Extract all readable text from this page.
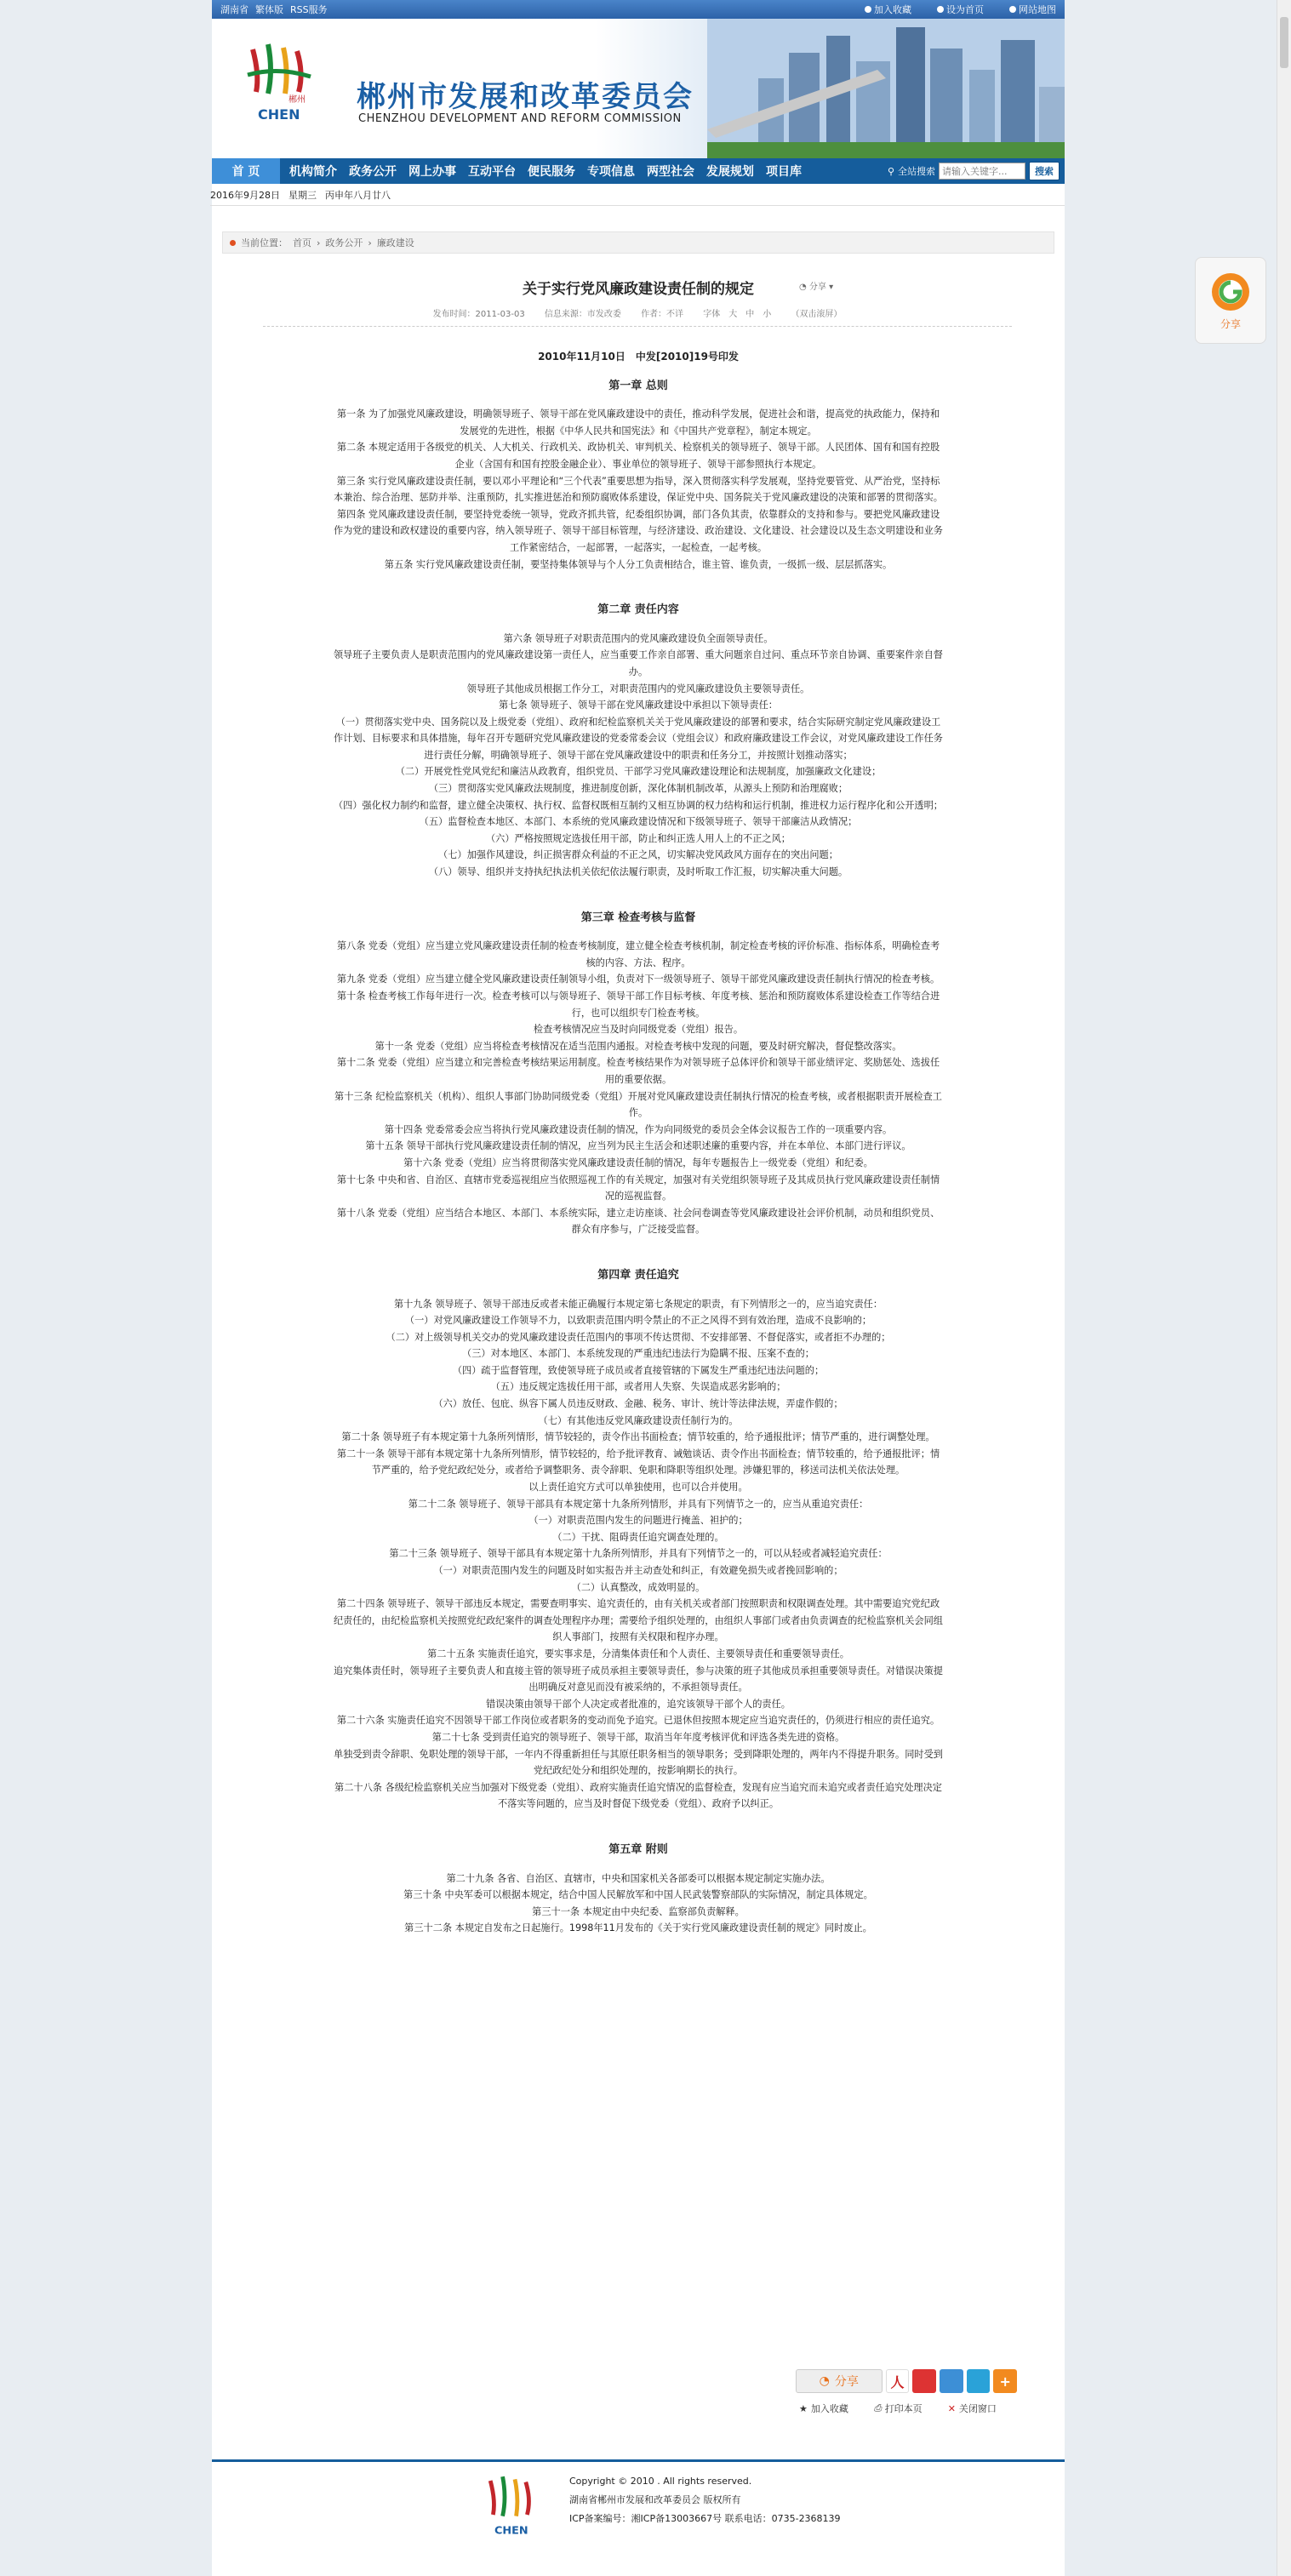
湖南省 繁体版 RSS服务	加入收藏	设为首页	网站地图
郴州
CHEN
郴州市发展和改革委员会
CHENZHOU DEVELOPMENT AND REFORM COMMISSION
首 页	机构简介	政务公开	网上办事	互动平台	便民服务	专项信息	两型社会	发展规划	项目库	⚲ 全站搜索
请输入关键字...	搜索
2016年9月28日 星期三 丙申年八月廿八
当前位置： 首页 › 政务公开 › 廉政建设
关于实行党风廉政建设责任制的规定	◔ 分享 ▾
发布时间：2011-03-03 信息来源：市发改委 作者：不详 字体　大　中　小 （双击滚屏）
2010年11月10日　中发[2010]19号印发
第一章 总则

第一条 为了加强党风廉政建设，明确领导班子、领导干部在党风廉政建设中的责任，推动科学发展，促进社会和谐，提高党的执政能力，保持和发展党的先进性，根据《中华人民共和国宪法》和《中国共产党章程》，制定本规定。

第二条 本规定适用于各级党的机关、人大机关、行政机关、政协机关、审判机关、检察机关的领导班子、领导干部。人民团体、国有和国有控股企业（含国有和国有控股金融企业）、事业单位的领导班子、领导干部参照执行本规定。

第三条 实行党风廉政建设责任制，要以邓小平理论和“三个代表”重要思想为指导，深入贯彻落实科学发展观，坚持党要管党、从严治党，坚持标本兼治、综合治理、惩防并举、注重预防，扎实推进惩治和预防腐败体系建设，保证党中央、国务院关于党风廉政建设的决策和部署的贯彻落实。

第四条 党风廉政建设责任制，要坚持党委统一领导，党政齐抓共管，纪委组织协调，部门各负其责，依靠群众的支持和参与。要把党风廉政建设作为党的建设和政权建设的重要内容，纳入领导班子、领导干部目标管理，与经济建设、政治建设、文化建设、社会建设以及生态文明建设和业务工作紧密结合，一起部署，一起落实，一起检查，一起考核。

第五条 实行党风廉政建设责任制，要坚持集体领导与个人分工负责相结合，谁主管、谁负责，一级抓一级、层层抓落实。

第二章 责任内容

第六条 领导班子对职责范围内的党风廉政建设负全面领导责任。

领导班子主要负责人是职责范围内的党风廉政建设第一责任人，应当重要工作亲自部署、重大问题亲自过问、重点环节亲自协调、重要案件亲自督办。

领导班子其他成员根据工作分工，对职责范围内的党风廉政建设负主要领导责任。

第七条 领导班子、领导干部在党风廉政建设中承担以下领导责任：

（一）贯彻落实党中央、国务院以及上级党委（党组）、政府和纪检监察机关关于党风廉政建设的部署和要求，结合实际研究制定党风廉政建设工作计划、目标要求和具体措施，每年召开专题研究党风廉政建设的党委常委会议（党组会议）和政府廉政建设工作会议，对党风廉政建设工作任务进行责任分解，明确领导班子、领导干部在党风廉政建设中的职责和任务分工，并按照计划推动落实；

（二）开展党性党风党纪和廉洁从政教育，组织党员、干部学习党风廉政建设理论和法规制度，加强廉政文化建设；

（三）贯彻落实党风廉政法规制度，推进制度创新，深化体制机制改革，从源头上预防和治理腐败；

（四）强化权力制约和监督，建立健全决策权、执行权、监督权既相互制约又相互协调的权力结构和运行机制，推进权力运行程序化和公开透明；

（五）监督检查本地区、本部门、本系统的党风廉政建设情况和下级领导班子、领导干部廉洁从政情况；

（六）严格按照规定选拔任用干部，防止和纠正选人用人上的不正之风；

（七）加强作风建设，纠正损害群众利益的不正之风，切实解决党风政风方面存在的突出问题；

（八）领导、组织并支持执纪执法机关依纪依法履行职责，及时听取工作汇报，切实解决重大问题。

第三章 检查考核与监督

第八条 党委（党组）应当建立党风廉政建设责任制的检查考核制度，建立健全检查考核机制，制定检查考核的评价标准、指标体系，明确检查考核的内容、方法、程序。

第九条 党委（党组）应当建立健全党风廉政建设责任制领导小组，负责对下一级领导班子、领导干部党风廉政建设责任制执行情况的检查考核。

第十条 检查考核工作每年进行一次。检查考核可以与领导班子、领导干部工作目标考核、年度考核、惩治和预防腐败体系建设检查工作等结合进行，也可以组织专门检查考核。

检查考核情况应当及时向同级党委（党组）报告。

第十一条 党委（党组）应当将检查考核情况在适当范围内通报。对检查考核中发现的问题，要及时研究解决，督促整改落实。

第十二条 党委（党组）应当建立和完善检查考核结果运用制度。检查考核结果作为对领导班子总体评价和领导干部业绩评定、奖励惩处、选拔任用的重要依据。

第十三条 纪检监察机关（机构）、组织人事部门协助同级党委（党组）开展对党风廉政建设责任制执行情况的检查考核，或者根据职责开展检查工作。

第十四条 党委常委会应当将执行党风廉政建设责任制的情况，作为向同级党的委员会全体会议报告工作的一项重要内容。

第十五条 领导干部执行党风廉政建设责任制的情况，应当列为民主生活会和述职述廉的重要内容，并在本单位、本部门进行评议。

第十六条 党委（党组）应当将贯彻落实党风廉政建设责任制的情况，每年专题报告上一级党委（党组）和纪委。

第十七条 中央和省、自治区、直辖市党委巡视组应当依照巡视工作的有关规定，加强对有关党组织领导班子及其成员执行党风廉政建设责任制情况的巡视监督。

第十八条 党委（党组）应当结合本地区、本部门、本系统实际，建立走访座谈、社会问卷调查等党风廉政建设社会评价机制，动员和组织党员、群众有序参与，广泛接受监督。

第四章 责任追究

第十九条 领导班子、领导干部违反或者未能正确履行本规定第七条规定的职责，有下列情形之一的，应当追究责任：

（一）对党风廉政建设工作领导不力，以致职责范围内明令禁止的不正之风得不到有效治理，造成不良影响的；

（二）对上级领导机关交办的党风廉政建设责任范围内的事项不传达贯彻、不安排部署、不督促落实，或者拒不办理的；

（三）对本地区、本部门、本系统发现的严重违纪违法行为隐瞒不报、压案不查的；

（四）疏于监督管理，致使领导班子成员或者直接管辖的下属发生严重违纪违法问题的；

（五）违反规定选拔任用干部，或者用人失察、失误造成恶劣影响的；

（六）放任、包庇、纵容下属人员违反财政、金融、税务、审计、统计等法律法规，弄虚作假的；

（七）有其他违反党风廉政建设责任制行为的。

第二十条 领导班子有本规定第十九条所列情形，情节较轻的，责令作出书面检查；情节较重的，给予通报批评；情节严重的，进行调整处理。

第二十一条 领导干部有本规定第十九条所列情形，情节较轻的，给予批评教育、诫勉谈话、责令作出书面检查；情节较重的，给予通报批评；情节严重的，给予党纪政纪处分，或者给予调整职务、责令辞职、免职和降职等组织处理。涉嫌犯罪的，移送司法机关依法处理。

以上责任追究方式可以单独使用，也可以合并使用。

第二十二条 领导班子、领导干部具有本规定第十九条所列情形，并具有下列情节之一的，应当从重追究责任：

（一）对职责范围内发生的问题进行掩盖、袒护的；

（二）干扰、阻碍责任追究调查处理的。

第二十三条 领导班子、领导干部具有本规定第十九条所列情形，并具有下列情节之一的，可以从轻或者减轻追究责任：

（一）对职责范围内发生的问题及时如实报告并主动查处和纠正，有效避免损失或者挽回影响的；

（二）认真整改，成效明显的。

第二十四条 领导班子、领导干部违反本规定，需要查明事实、追究责任的，由有关机关或者部门按照职责和权限调查处理。其中需要追究党纪政纪责任的，由纪检监察机关按照党纪政纪案件的调查处理程序办理；需要给予组织处理的，由组织人事部门或者由负责调查的纪检监察机关会同组织人事部门，按照有关权限和程序办理。

第二十五条 实施责任追究，要实事求是，分清集体责任和个人责任、主要领导责任和重要领导责任。

追究集体责任时，领导班子主要负责人和直接主管的领导班子成员承担主要领导责任，参与决策的班子其他成员承担重要领导责任。对错误决策提出明确反对意见而没有被采纳的，不承担领导责任。

错误决策由领导干部个人决定或者批准的，追究该领导干部个人的责任。

第二十六条 实施责任追究不因领导干部工作岗位或者职务的变动而免予追究。已退休但按照本规定应当追究责任的，仍须进行相应的责任追究。

第二十七条 受到责任追究的领导班子、领导干部，取消当年年度考核评优和评选各类先进的资格。

单独受到责令辞职、免职处理的领导干部，一年内不得重新担任与其原任职务相当的领导职务；受到降职处理的，两年内不得提升职务。同时受到党纪政纪处分和组织处理的，按影响期长的执行。

第二十八条 各级纪检监察机关应当加强对下级党委（党组）、政府实施责任追究情况的监督检查，发现有应当追究而未追究或者责任追究处理决定不落实等问题的，应当及时督促下级党委（党组）、政府予以纠正。

第五章 附则

第二十九条 各省、自治区、直辖市，中央和国家机关各部委可以根据本规定制定实施办法。

第三十条 中央军委可以根据本规定，结合中国人民解放军和中国人民武装警察部队的实际情况，制定具体规定。

第三十一条 本规定由中央纪委、监察部负责解释。

第三十二条 本规定自发布之日起施行。1998年11月发布的《关于实行党风廉政建设责任制的规定》同时废止。

◔ 分享	人	+
★ 加入收藏	⎙ 打印本页	✕ 关闭窗口
CHEN
Copyright © 2010 . All rights reserved.
湖南省郴州市发展和改革委员会 版权所有
ICP备案编号：湘ICP备13003667号 联系电话：0735-2368139
分享
